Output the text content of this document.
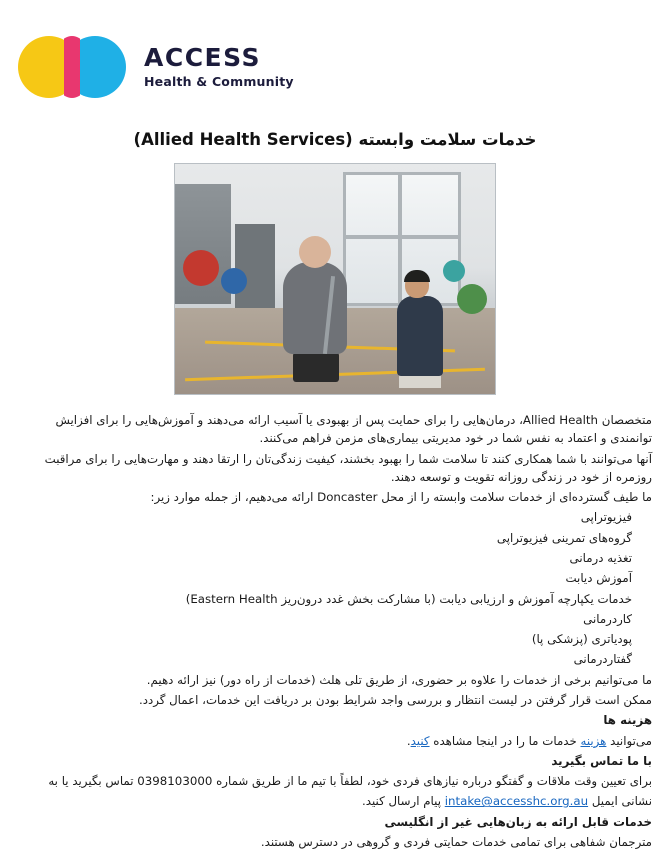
ACCESS
Health & Community
خدمات سلامت وابسته (Allied Health Services)

متخصصان Allied Health، درمان‌هایی را برای حمایت پس از بهبودی یا آسیب ارائه می‌دهند و آموزش‌هایی را برای افزایش توانمندی و اعتماد به نفس شما در خود مدیریتی بیماری‌های مزمن فراهم می‌کنند.

آنها می‌توانند با شما همکاری کنند تا سلامت شما را بهبود بخشند، کیفیت زندگی‌تان را ارتقا دهند و مهارت‌هایی را برای مراقبت روزمره از خود در زندگی روزانه تقویت و توسعه دهند.

ما طیف گسترده‌ای از خدمات سلامت وابسته را از محل Doncaster ارائه می‌دهیم، از جمله موارد زیر:

فیزیوتراپی

گروه‌های تمرینی فیزیوتراپی

تغذیه درمانی

آموزش دیابت

خدمات یکپارچه آموزش و ارزیابی دیابت (با مشارکت بخش غدد درون‌ریز Eastern Health)

کاردرمانی

پودیاتری (پزشکی پا)

گفتاردرمانی

ما می‌توانیم برخی از خدمات را علاوه بر حضوری، از طریق تلی هلث (خدمات از راه دور) نیز ارائه دهیم.

ممکن است قرار گرفتن در لیست انتظار و بررسی واجد شرایط بودن بر دریافت این خدمات، اعمال گردد.

هزینه ها

می‌توانید هزینه خدمات ما را در اینجا مشاهده کنید.

با ما تماس بگیرید

برای تعیین وقت ملاقات و گفتگو درباره نیازهای فردی خود، لطفاً با تیم ما از طریق شماره 0398103000 تماس بگیرید یا به

نشانی ایمیل intake@accesshc.org.au پیام ارسال کنید.

خدمات قابل ارائه به زبان‌هایی غیر از انگلیسی

مترجمان شفاهی برای تمامی خدمات حمایتی فردی و گروهی در دسترس هستند.
